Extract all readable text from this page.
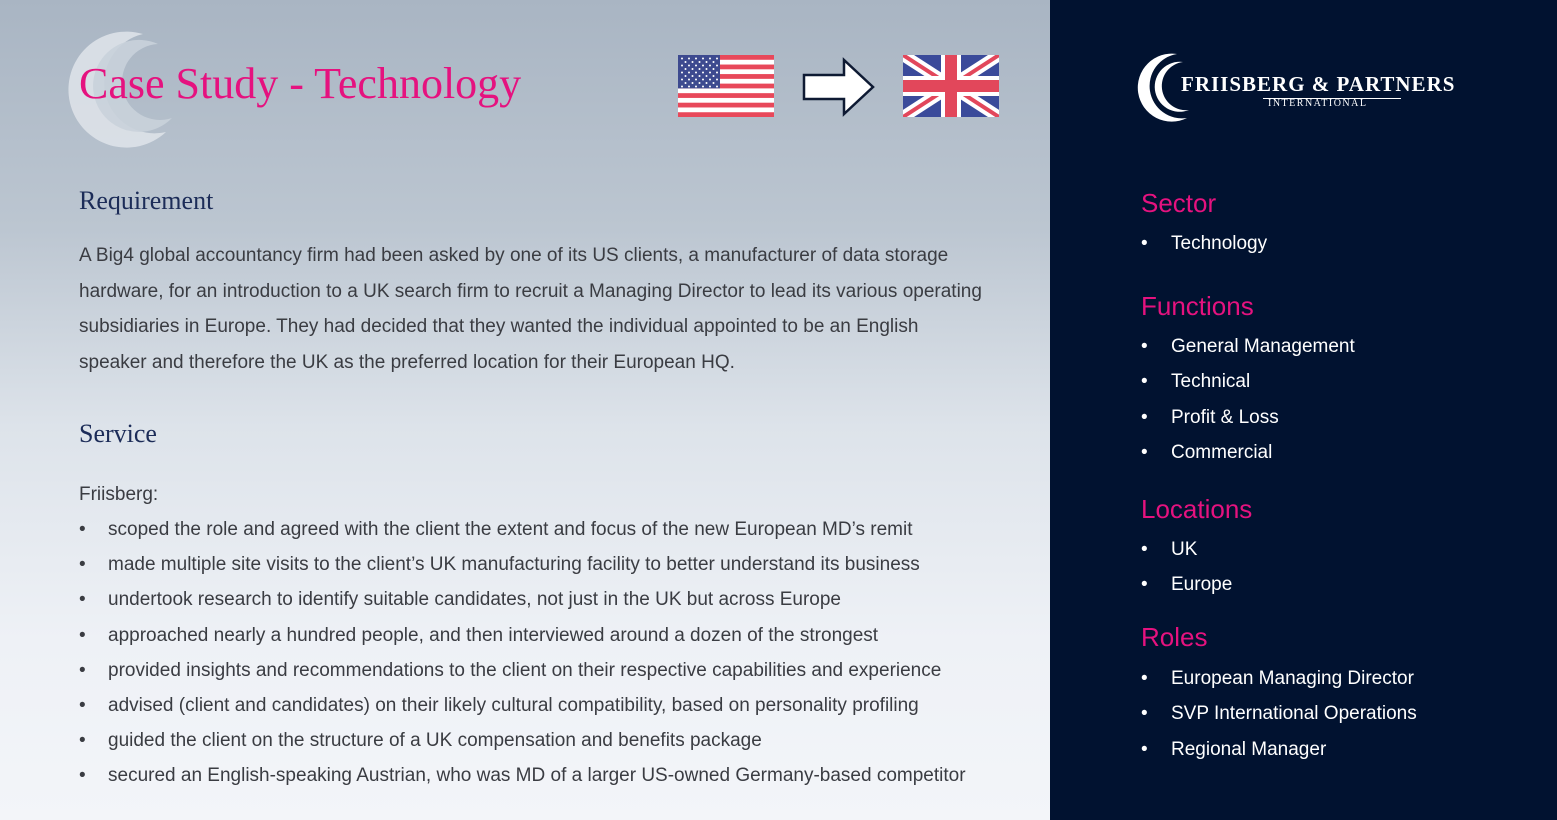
Case Study - Technology
Requirement

A Big4 global accountancy firm had been asked by one of its US clients, a manufacturer of data storage hardware, for an introduction to a UK search firm to recruit a Managing Director to lead its various operating subsidiaries in Europe. They had decided that they wanted the individual appointed to be an English speaker and therefore the UK as the preferred location for their European HQ.

Service

Friisberg:

• scoped the role and agreed with the client the extent and focus of the new European MD’s remit
• made multiple site visits to the client’s UK manufacturing facility to better understand its business
• undertook research to identify suitable candidates, not just in the UK but across Europe
• approached nearly a hundred people, and then interviewed around a dozen of the strongest
• provided insights and recommendations to the client on their respective capabilities and experience
• advised (client and candidates) on their likely cultural compatibility, based on personality profiling
• guided the client on the structure of a UK compensation and benefits package
• secured an English-speaking Austrian, who was MD of a larger US-owned Germany-based competitor

FRIISBERG & PARTNERS

INTERNATIONAL

Sector
• Technology
Functions
• General Management
• Technical
• Profit & Loss
• Commercial
Locations
• UK
• Europe
Roles
• European Managing Director
• SVP International Operations
• Regional Manager
